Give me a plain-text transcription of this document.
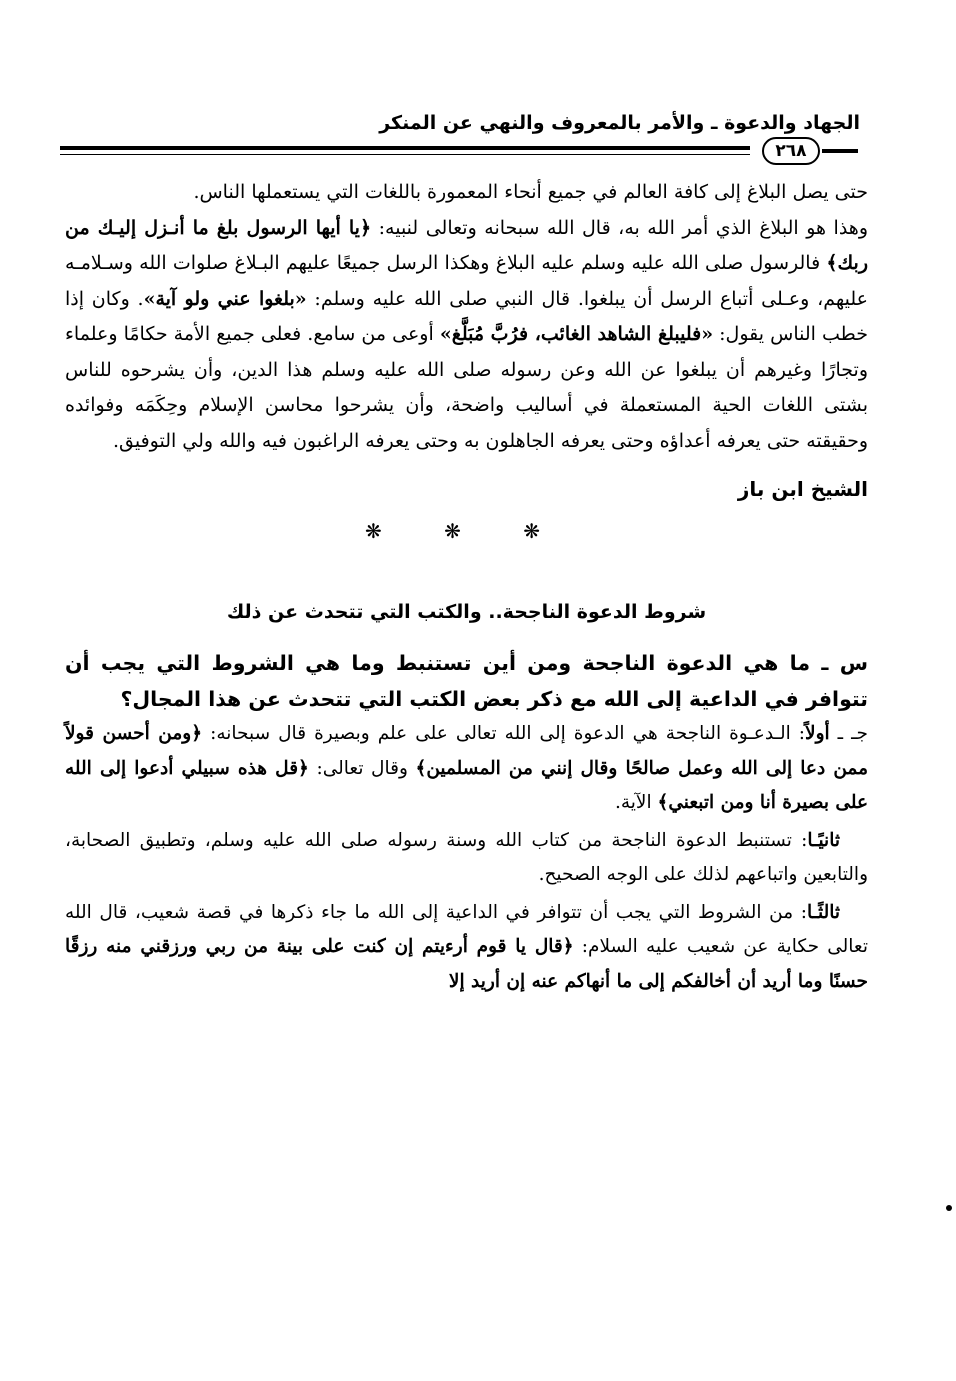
الجهاد والدعوة ـ والأمر بالمعروف والنهي عن المنكر
٢٦٨

حتى يصل البلاغ إلى كافة العالم في جميع أنحاء المعمورة باللغات التي يستعملها الناس.

وهذا هو البلاغ الذي أمر الله به، قال الله سبحانه وتعالى لنبيه: ﴿يا أيها الرسول بلغ ما أنـزل إليـك من ربك﴾ فالرسول صلى الله عليه وسلم عليه البلاغ وهكذا الرسل جميعًا عليهم البـلاغ صلوات الله وسـلامـه عليهم، وعـلى أتباع الرسل أن يبلغوا. قال النبي صلى الله عليه وسلم: «بلغوا عني ولو آية». وكان إذا خطب الناس يقول: «فليبلغ الشاهد الغائب، فرُبَّ مُبَلَّغ» أوعى من سامع. فعلى جميع الأمة حكامًا وعلماء وتجارًا وغيرهم أن يبلغوا عن الله وعن رسوله صلى الله عليه وسلم هذا الدين، وأن يشرحوه للناس بشتى اللغات الحية المستعملة في أساليب واضحة، وأن يشرحوا محاسن الإسلام وحِكَمَه وفوائده وحقيقته حتى يعرفه أعداؤه وحتى يعرفه الجاهلون به وحتى يعرفه الراغبون فيه والله ولي التوفيق.

الشيخ ابن باز

❋ ❋ ❋

شروط الدعوة الناجحة.. والكتب التي تتحدث عن ذلك

س ـ ما هي الدعوة الناجحة ومن أين تستنبط وما هي الشروط التي يجب أن تتوافر في الداعية إلى الله مع ذكر بعض الكتب التي تتحدث عن هذا المجال؟

جـ ـ أولاً: الـدعـوة الناجحة هي الدعوة إلى الله تعالى على علم وبصيرة قال سبحانه: ﴿ومن أحسن قولاً ممن دعا إلى الله وعمل صالحًا وقال إنني من المسلمين﴾ وقال تعالى: ﴿قل هذه سبيلي أدعوا إلى الله على بصيرة أنا ومن اتبعني﴾ الآية.

ثانيًـا: تستنبط الدعوة الناجحة من كتاب الله وسنة رسوله صلى الله عليه وسلم، وتطبيق الصحابة، والتابعين واتباعهم لذلك على الوجه الصحيح.

ثالثًـا: من الشروط التي يجب أن تتوافر في الداعية إلى الله ما جاء ذكرها في قصة شعيب، قال الله تعالى حكاية عن شعيب عليه السلام: ﴿قال يا قوم أرءيتم إن كنت على بينة من ربي ورزقني منه رزقًا حسنًا وما أريد أن أخالفكم إلى ما أنهاكم عنه إن أريد إلا
